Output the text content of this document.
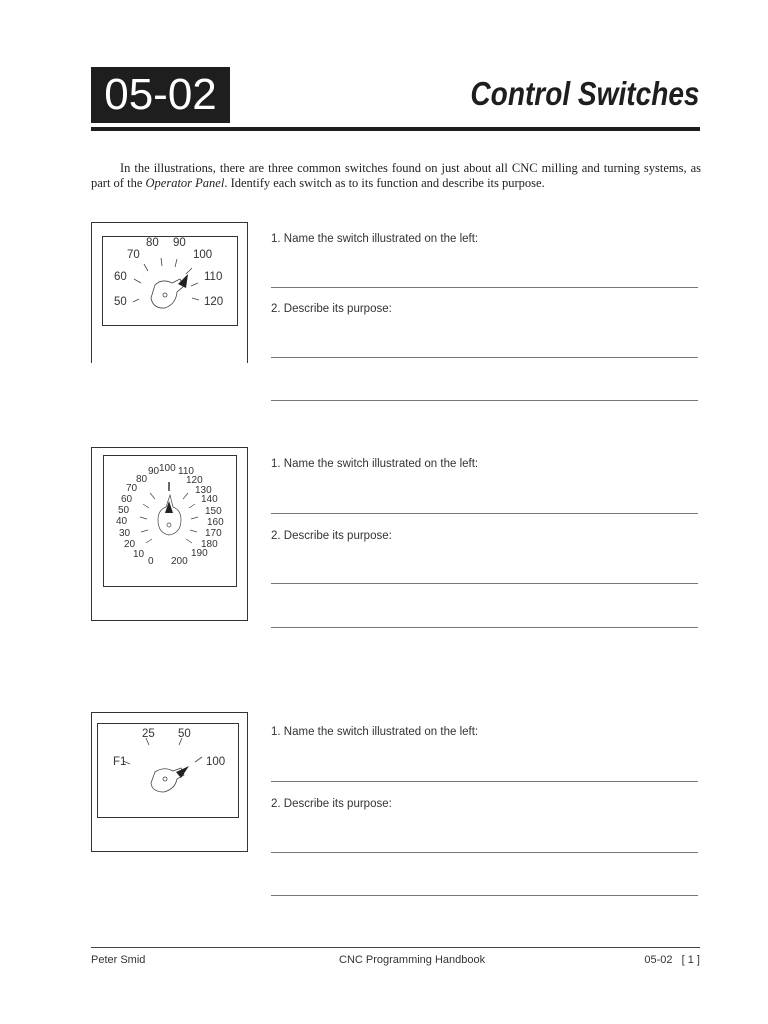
05-02	Control Switches
In the illustrations, there are three common switches found on just about all CNC milling and turning systems, as part of the Operator Panel. Identify each switch as to its function and describe its purpose.
50
60
70
80 90
100
110
120
1. Name the switch illustrated on the left:
2. Describe its purpose:
0
10
20
30
40
50
60
70
80
90 100 110
120
130
140
150
160
170
180
190
200
1. Name the switch illustrated on the left:
2. Describe its purpose:
F1
25 50
100
1. Name the switch illustrated on the left:
2. Describe its purpose:
Peter Smid	CNC Programming Handbook	05-02   [ 1 ]
